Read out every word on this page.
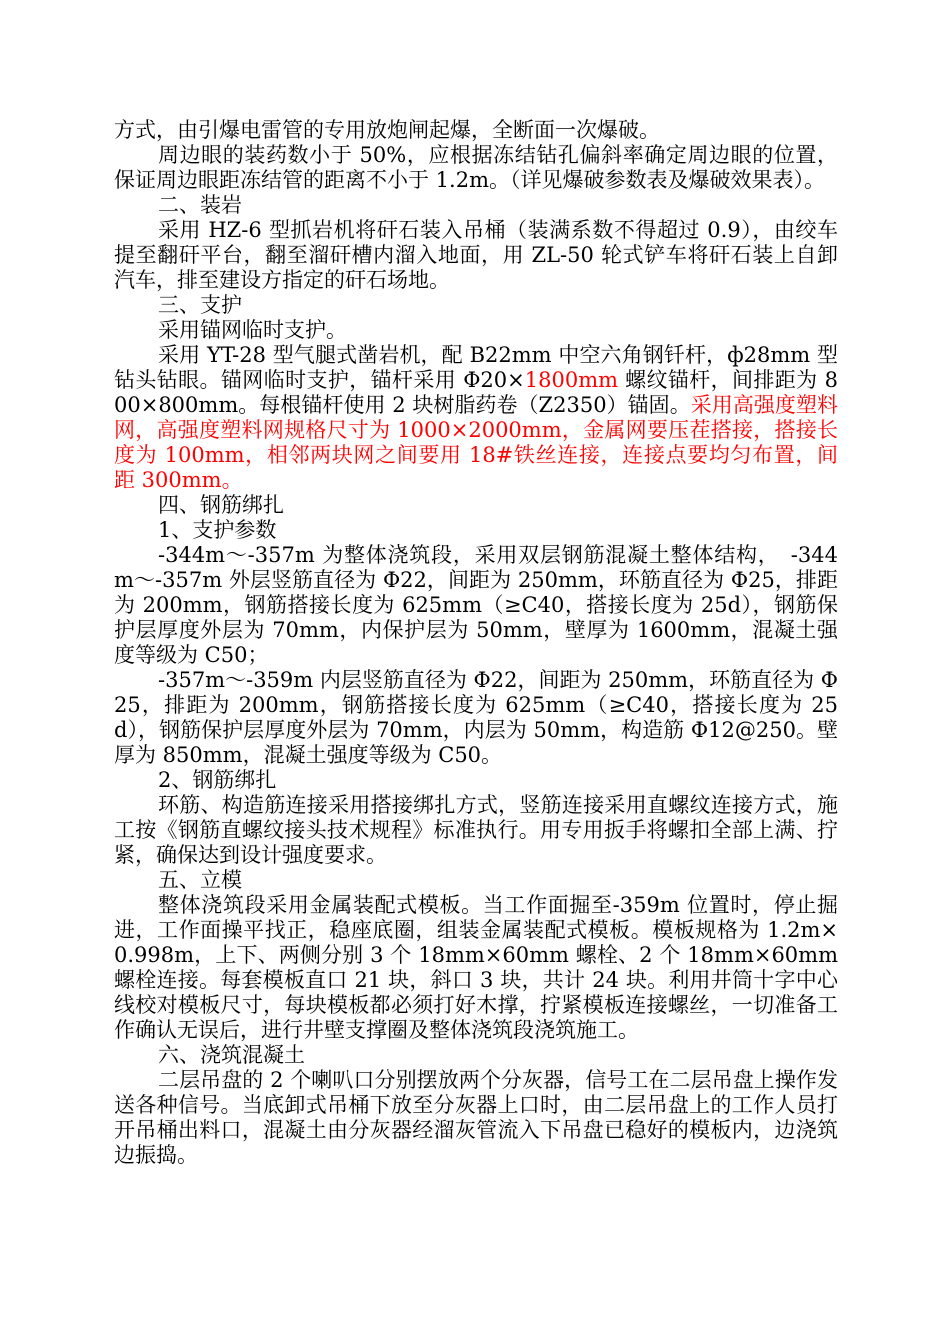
方式，由引爆电雷管的专用放炮闸起爆，全断面一次爆破。

周边眼的装药数小于 50%，应根据冻结钻孔偏斜率确定周边眼的位置，保证周边眼距冻结管的距离不小于 1.2m。（详见爆破参数表及爆破效果表）。

二、装岩

采用 HZ-6 型抓岩机将矸石装入吊桶（装满系数不得超过 0.9），由绞车提至翻矸平台，翻至溜矸槽内溜入地面，用 ZL-50 轮式铲车将矸石装上自卸汽车，排至建设方指定的矸石场地。

三、支护

采用锚网临时支护。

采用 YT-28 型气腿式凿岩机，配 B22mm 中空六角钢钎杆，ф28mm 型钻头钻眼。锚网临时支护，锚杆采用 Φ20×1800mm 螺纹锚杆，间排距为 800×800mm。每根锚杆使用 2 块树脂药卷（Z2350）锚固。采用高强度塑料网，高强度塑料网规格尺寸为 1000×2000mm，金属网要压茬搭接，搭接长度为 100mm，相邻两块网之间要用 18#铁丝连接，连接点要均匀布置，间距 300mm。

四、钢筋绑扎

1、支护参数

-344m～-357m 为整体浇筑段，采用双层钢筋混凝土整体结构，　-344m～-357m 外层竖筋直径为 Φ22，间距为 250mm，环筋直径为 Φ25，排距为 200mm，钢筋搭接长度为 625mm（≥C40，搭接长度为 25d），钢筋保护层厚度外层为 70mm，内保护层为 50mm，壁厚为 1600mm，混凝土强度等级为 C50；

-357m～-359m 内层竖筋直径为 Φ22，间距为 250mm，环筋直径为 Φ25，排距为 200mm，钢筋搭接长度为 625mm（≥C40，搭接长度为 25d），钢筋保护层厚度外层为 70mm，内层为 50mm，构造筋 Φ12@250。壁厚为 850mm，混凝土强度等级为 C50。

2、钢筋绑扎

环筋、构造筋连接采用搭接绑扎方式，竖筋连接采用直螺纹连接方式，施工按《钢筋直螺纹接头技术规程》标准执行。用专用扳手将螺扣全部上满、拧紧，确保达到设计强度要求。

五、立模

整体浇筑段采用金属装配式模板。当工作面掘至-359m 位置时，停止掘进，工作面操平找正，稳座底圈，组装金属装配式模板。模板规格为 1.2m×0.998m，上下、两侧分别 3 个 18mm×60mm 螺栓、2 个 18mm×60mm 螺栓连接。每套模板直口 21 块，斜口 3 块，共计 24 块。利用井筒十字中心线校对模板尺寸，每块模板都必须打好木撑，拧紧模板连接螺丝，一切准备工作确认无误后，进行井壁支撑圈及整体浇筑段浇筑施工。

六、浇筑混凝土

二层吊盘的 2 个喇叭口分别摆放两个分灰器，信号工在二层吊盘上操作发送各种信号。当底卸式吊桶下放至分灰器上口时，由二层吊盘上的工作人员打开吊桶出料口，混凝土由分灰器经溜灰管流入下吊盘已稳好的模板内，边浇筑边振捣。
